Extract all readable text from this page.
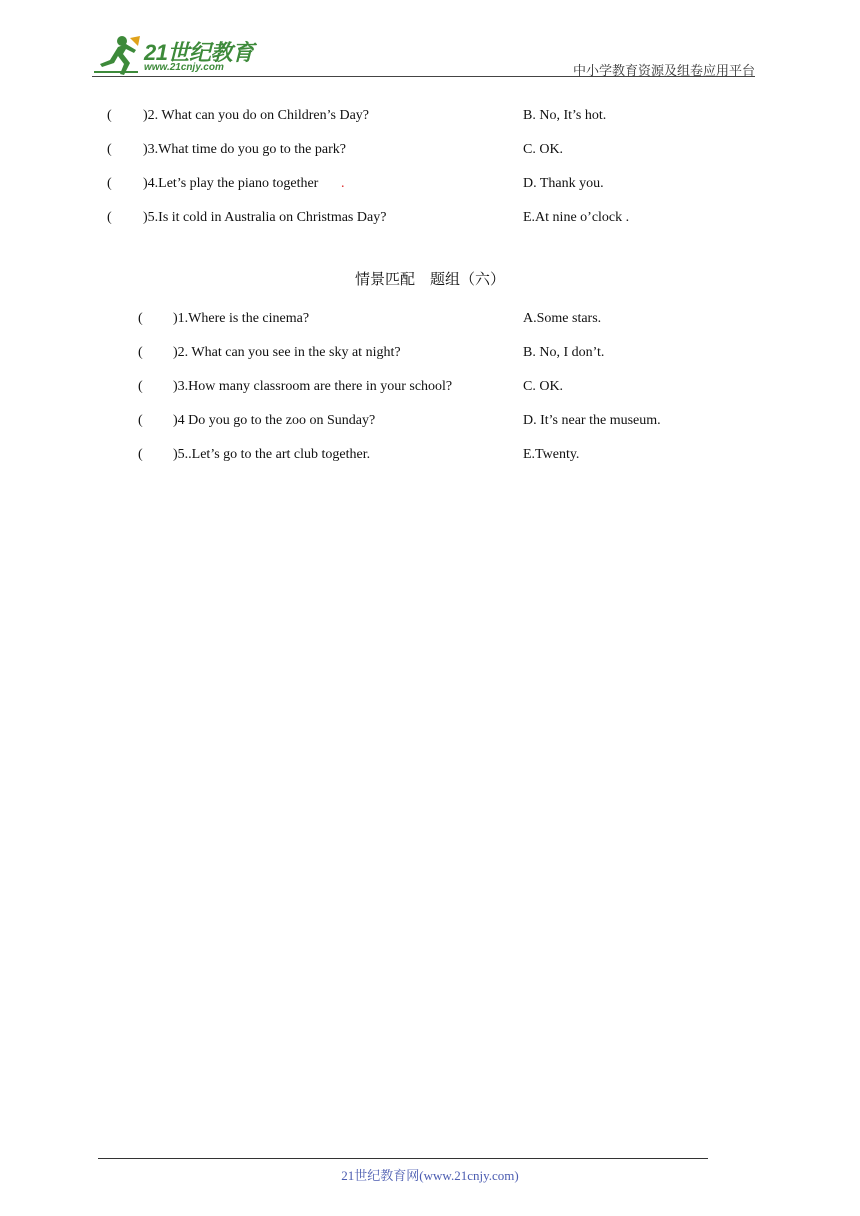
21世纪教育
www.21cnjy.com	中小学教育资源及组卷应用平台
( )2. What can you do on Children’s Day?	B. No, It’s hot.
( )3.What time do you go to the park?	C. OK.
( )4.Let’s play the piano together .	D. Thank you.
( )5.Is it cold in Australia on Christmas Day?	E.At nine o’clock .
情景匹配　题组（六）
( )1.Where is the cinema?	A.Some stars.
( )2. What can you see in the sky at night?	B. No, I don’t.
( )3.How many classroom are there in your school?	C. OK.
( )4 Do you go to the zoo on Sunday?	D. It’s near the museum.
( )5..Let’s go to the art club together.	E.Twenty.
21世纪教育网(www.21cnjy.com)
